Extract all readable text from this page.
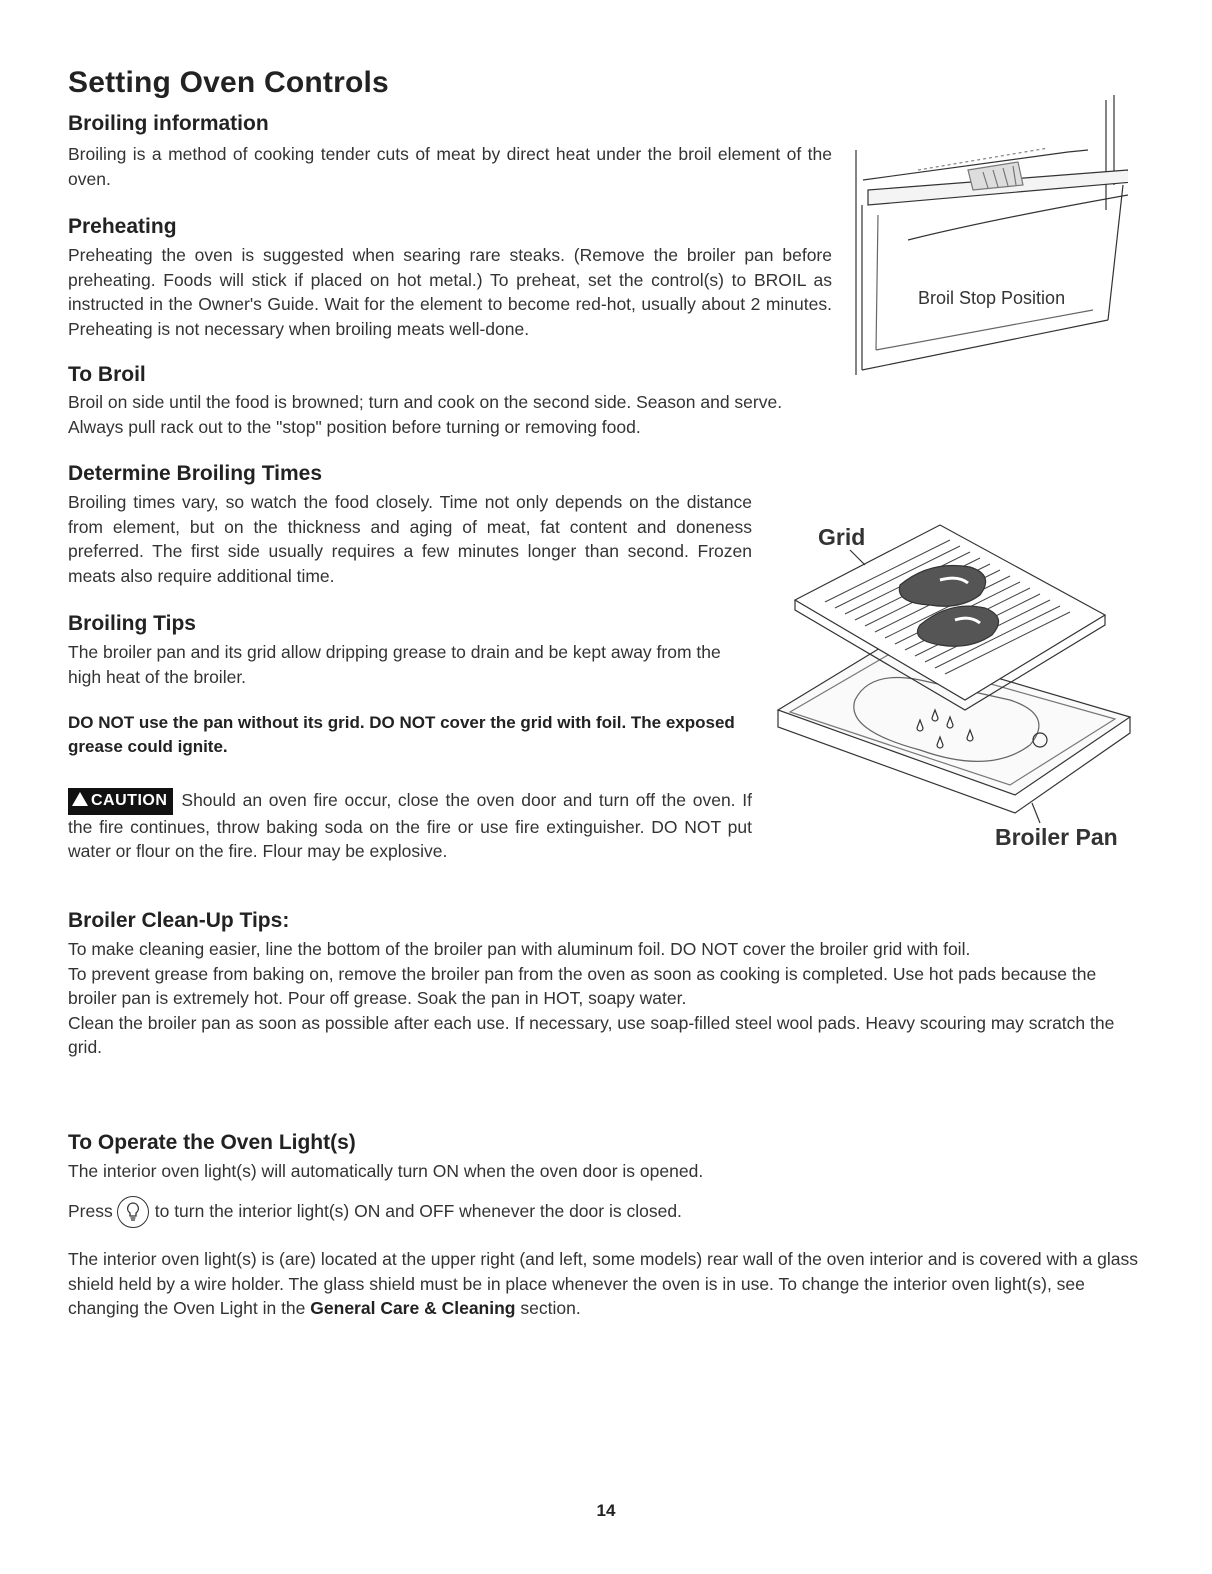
Setting Oven Controls
Broiling information

Broiling is a method of cooking tender cuts of meat by direct heat under the broil element of the oven.

Preheating

Preheating the oven is suggested when searing rare steaks. (Remove the broiler pan before preheating. Foods will stick if placed on hot metal.) To preheat, set the control(s) to BROIL as instructed in the Owner's Guide. Wait for the element to become red-hot, usually about 2 minutes. Preheating is not necessary when broiling meats well-done.

To Broil

Broil on side until the food is browned; turn and cook on the second side. Season and serve. Always pull rack out to the "stop" position before turning or removing food.

Broil Stop Position
Determine Broiling Times

Broiling times vary, so watch the food closely. Time not only depends on the distance from element, but on the thickness and aging of meat, fat content and doneness preferred. The first side usually requires a few minutes longer than second. Frozen meats also require additional time.

Broiling Tips

The broiler pan and its grid allow dripping grease to drain and be kept away from the high heat of the broiler.

DO NOT use the pan without its grid. DO NOT cover the grid with foil. The exposed grease could ignite.

CAUTION Should an oven fire occur, close the oven door and turn off the oven. If the fire continues, throw baking soda on the fire or use fire extinguisher. DO NOT put water or flour on the fire. Flour may be explosive.

Grid
Broiler Pan
Broiler Clean-Up Tips:

To make cleaning easier, line the bottom of the broiler pan with aluminum foil. DO NOT cover the broiler grid with foil.

To prevent grease from baking on, remove the broiler pan from the oven as soon as cooking is completed. Use hot pads because the broiler pan is extremely hot. Pour off grease. Soak the pan in HOT, soapy water.

Clean the broiler pan as soon as possible after each use. If necessary, use soap-filled steel wool pads. Heavy scouring may scratch the grid.

To Operate the Oven Light(s)

The interior oven light(s) will automatically turn ON when the oven door is opened.

Press to turn the interior light(s) ON and OFF whenever the door is closed.

The interior oven light(s) is (are) located at the upper right (and left, some models) rear wall of the oven interior and is covered with a glass shield held by a wire holder. The glass shield must be in place whenever the oven is in use. To change the interior oven light(s), see changing the Oven Light in the General Care & Cleaning section.

14
